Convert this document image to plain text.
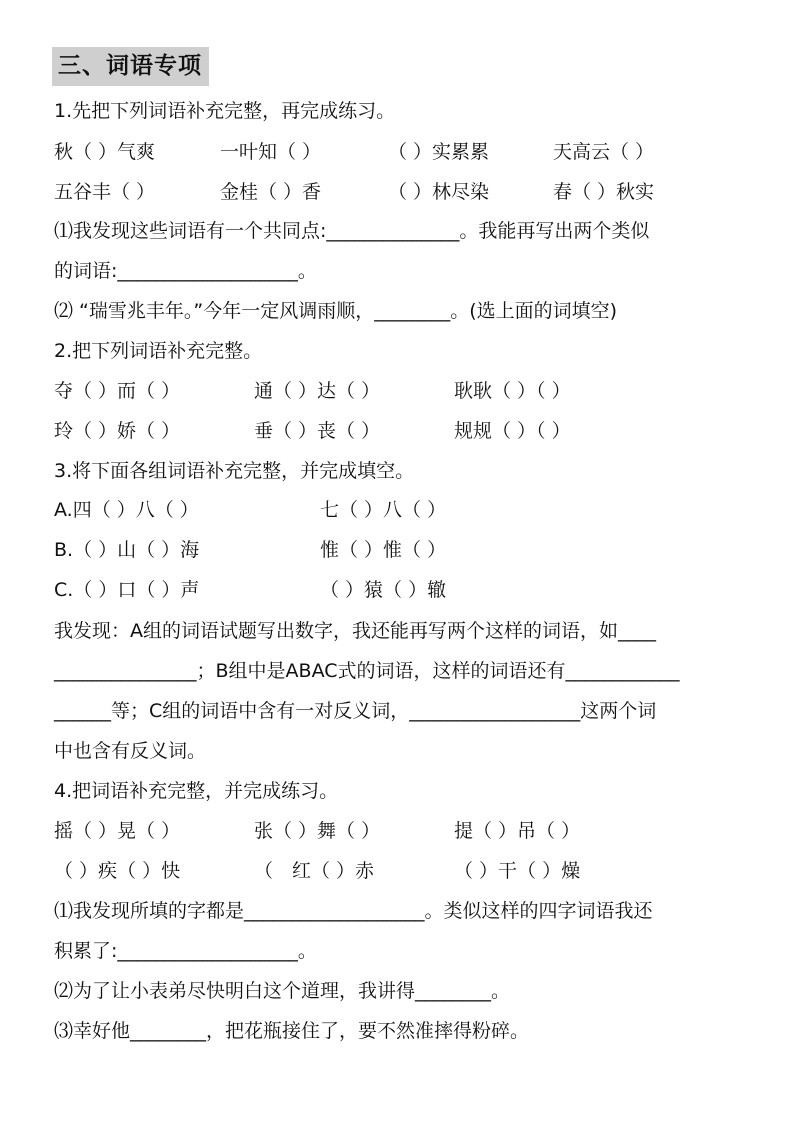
三、词语专项
1.先把下列词语补充完整，再完成练习。
秋（ ）气爽	一叶知（ ）	（ ）实累累	天高云（ ）
五谷丰（ ）	金桂（ ）香	（ ）林尽染	春（ ）秋实
⑴我发现这些词语有一个共同点:______________。我能再写出两个类似
的词语:___________________。
⑵ “瑞雪兆丰年。”今年一定风调雨顺，________。(选上面的词填空)
2.把下列词语补充完整。
夺（ ）而（ ）	通（ ）达（ ）	耿耿（ ）（ ）
玲（ ）娇（ ）	垂（ ）丧（ ）	规规（ ）（ ）
3.将下面各组词语补充完整，并完成填空。
A.四（ ）八（ ）	七（ ）八（ ）
B.（ ）山（ ）海	惟（ ）惟（ ）
C.（ ）口（ ）声	（ ）猿（ ）辙
我发现：A组的词语试题写出数字，我还能再写两个这样的词语，如____
_______________；B组中是ABAC式的词语，这样的词语还有____________
______等；C组的词语中含有一对反义词，__________________这两个词
中也含有反义词。
4.把词语补充完整，并完成练习。
摇（ ）晃（ ）	张（ ）舞（ ）	提（ ）吊（ ）
（ ）疾（ ）快	（　红（ ）赤	（ ）干（ ）燥
⑴我发现所填的字都是___________________。类似这样的四字词语我还
积累了:___________________。
⑵为了让小表弟尽快明白这个道理，我讲得________。
⑶幸好他________，把花瓶接住了，要不然准摔得粉碎。
